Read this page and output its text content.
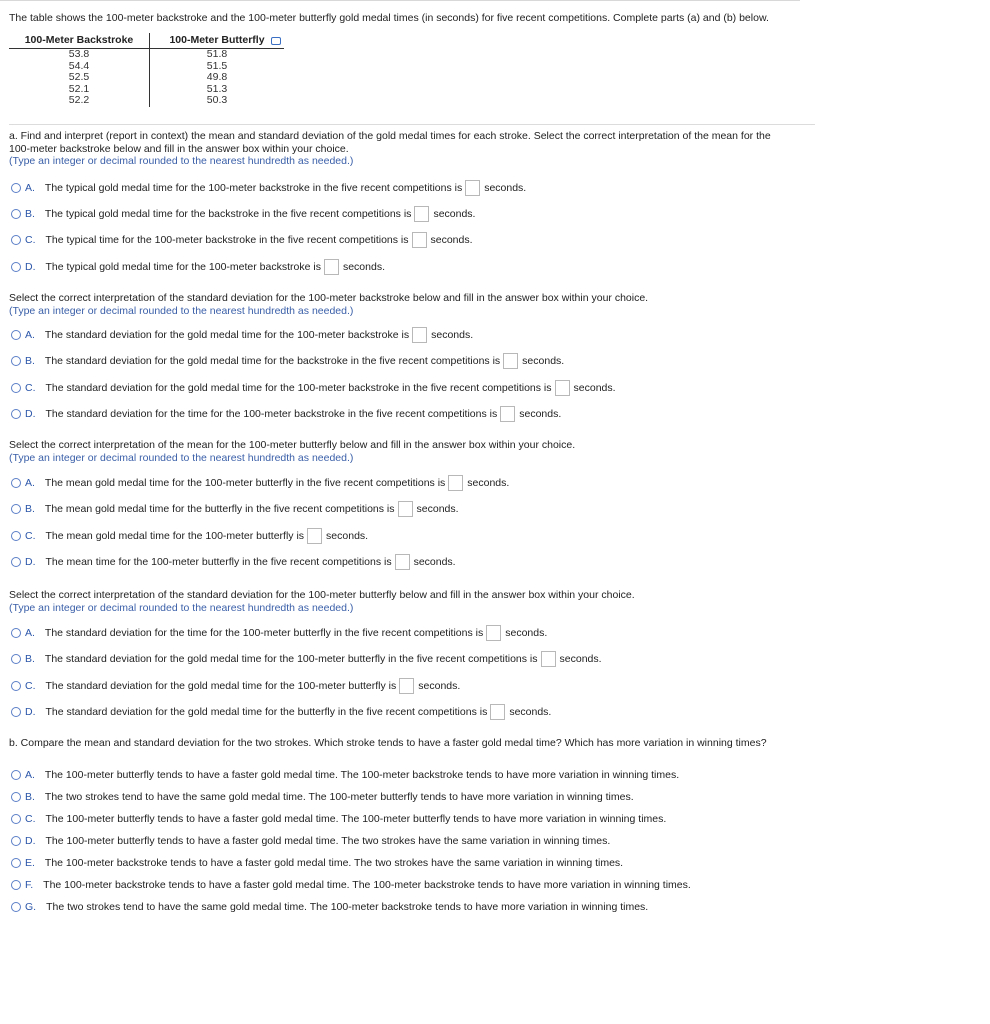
The table shows the 100-meter backstroke and the 100-meter butterfly gold medal times (in seconds) for five recent competitions. Complete parts (a) and (b) below.
100-Meter Backstroke	100-Meter Butterfly
53.8	51.8
54.4	51.5
52.5	49.8
52.1	51.3
52.2	50.3
a. Find and interpret (report in context) the mean and standard deviation of the gold medal times for each stroke. Select the correct interpretation of the mean for the
100-meter backstroke below and fill in the answer box within your choice.
(Type an integer or decimal rounded to the nearest hundredth as needed.)
A. The typical gold medal time for the 100-meter backstroke in the five recent competitions is seconds.
B. The typical gold medal time for the backstroke in the five recent competitions is seconds.
C. The typical time for the 100-meter backstroke in the five recent competitions is seconds.
D. The typical gold medal time for the 100-meter backstroke is seconds.
Select the correct interpretation of the standard deviation for the 100-meter backstroke below and fill in the answer box within your choice.
(Type an integer or decimal rounded to the nearest hundredth as needed.)
A. The standard deviation for the gold medal time for the 100-meter backstroke is seconds.
B. The standard deviation for the gold medal time for the backstroke in the five recent competitions is seconds.
C. The standard deviation for the gold medal time for the 100-meter backstroke in the five recent competitions is seconds.
D. The standard deviation for the time for the 100-meter backstroke in the five recent competitions is seconds.
Select the correct interpretation of the mean for the 100-meter butterfly below and fill in the answer box within your choice.
(Type an integer or decimal rounded to the nearest hundredth as needed.)
A. The mean gold medal time for the 100-meter butterfly in the five recent competitions is seconds.
B. The mean gold medal time for the butterfly in the five recent competitions is seconds.
C. The mean gold medal time for the 100-meter butterfly is seconds.
D. The mean time for the 100-meter butterfly in the five recent competitions is seconds.
Select the correct interpretation of the standard deviation for the 100-meter butterfly below and fill in the answer box within your choice.
(Type an integer or decimal rounded to the nearest hundredth as needed.)
A. The standard deviation for the time for the 100-meter butterfly in the five recent competitions is seconds.
B. The standard deviation for the gold medal time for the 100-meter butterfly in the five recent competitions is seconds.
C. The standard deviation for the gold medal time for the 100-meter butterfly is seconds.
D. The standard deviation for the gold medal time for the butterfly in the five recent competitions is seconds.
b. Compare the mean and standard deviation for the two strokes. Which stroke tends to have a faster gold medal time? Which has more variation in winning times?
A. The 100-meter butterfly tends to have a faster gold medal time. The 100-meter backstroke tends to have more variation in winning times.
B. The two strokes tend to have the same gold medal time. The 100-meter butterfly tends to have more variation in winning times.
C. The 100-meter butterfly tends to have a faster gold medal time. The 100-meter butterfly tends to have more variation in winning times.
D. The 100-meter butterfly tends to have a faster gold medal time. The two strokes have the same variation in winning times.
E. The 100-meter backstroke tends to have a faster gold medal time. The two strokes have the same variation in winning times.
F. The 100-meter backstroke tends to have a faster gold medal time. The 100-meter backstroke tends to have more variation in winning times.
G. The two strokes tend to have the same gold medal time. The 100-meter backstroke tends to have more variation in winning times.
